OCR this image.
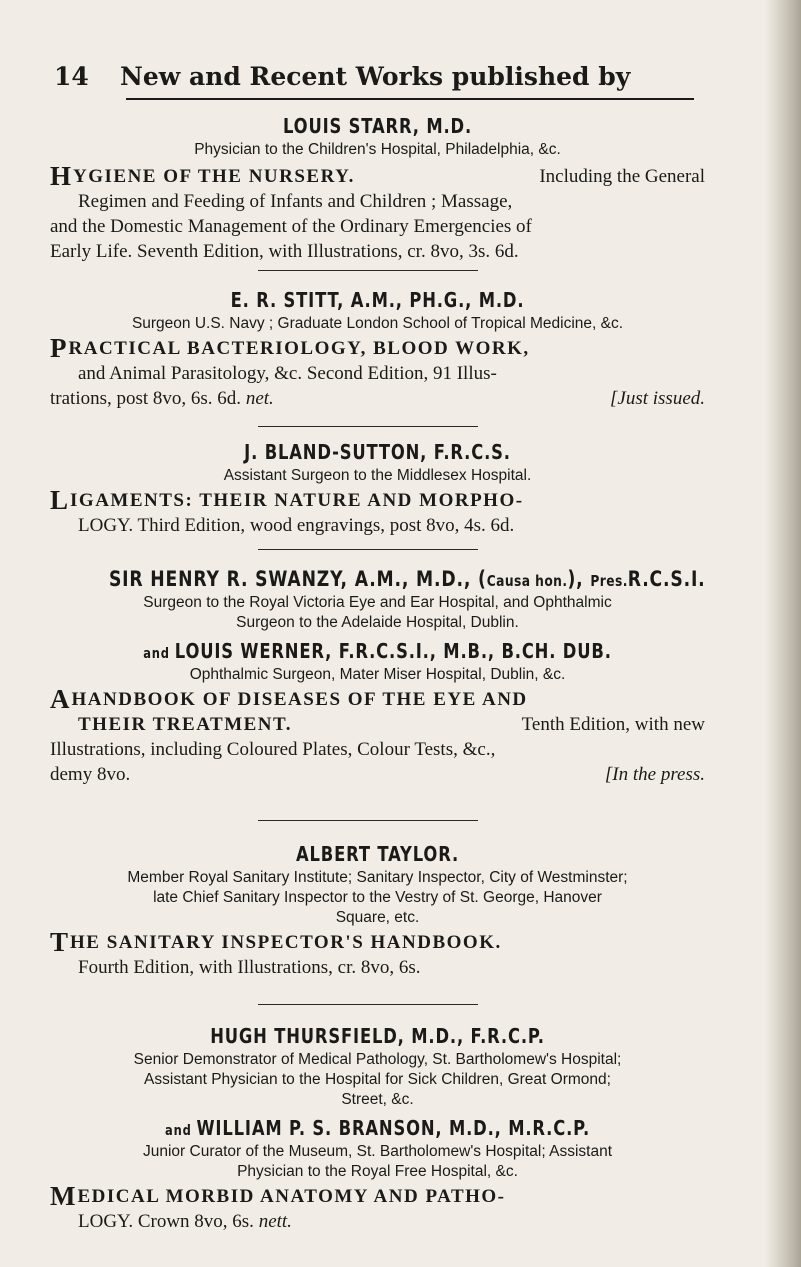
14 New and Recent Works published by
LOUIS STARR, M.D.
Physician to the Children's Hospital, Philadelphia, &c.
H YGIENE OF THE NURSERY.	Including the General
Regimen and Feeding of Infants and Children ; Massage,
and the Domestic Management of the Ordinary Emergencies of
Early Life. Seventh Edition, with Illustrations, cr. 8vo, 3s. 6d.
E. R. STITT, A.M., PH.G., M.D.
Surgeon U.S. Navy ; Graduate London School of Tropical Medicine, &c.
P RACTICAL BACTERIOLOGY, BLOOD WORK,
and Animal Parasitology, &c. Second Edition, 91 Illus-
trations, post 8vo, 6s. 6d. net.	[Just issued.
J. BLAND-SUTTON, F.R.C.S.
Assistant Surgeon to the Middlesex Hospital.
L IGAMENTS: THEIR NATURE AND MORPHO-
LOGY. Third Edition, wood engravings, post 8vo, 4s. 6d.
SIR HENRY R. SWANZY, A.M., M.D., (Causa hon.), Pres.R.C.S.I.
Surgeon to the Royal Victoria Eye and Ear Hospital, and Ophthalmic
Surgeon to the Adelaide Hospital, Dublin.
and LOUIS WERNER, F.R.C.S.I., M.B., B.CH. DUB.
Ophthalmic Surgeon, Mater Miser Hospital, Dublin, &c.
A HANDBOOK OF DISEASES OF THE EYE AND
THEIR TREATMENT.	Tenth Edition, with new
Illustrations, including Coloured Plates, Colour Tests, &c.,
demy 8vo.	[In the press.
ALBERT TAYLOR.
Member Royal Sanitary Institute; Sanitary Inspector, City of Westminster;
late Chief Sanitary Inspector to the Vestry of St. George, Hanover
Square, etc.
T HE SANITARY INSPECTOR'S HANDBOOK.
Fourth Edition, with Illustrations, cr. 8vo, 6s.
HUGH THURSFIELD, M.D., F.R.C.P.
Senior Demonstrator of Medical Pathology, St. Bartholomew's Hospital;
Assistant Physician to the Hospital for Sick Children, Great Ormond;
Street, &c.
and WILLIAM P. S. BRANSON, M.D., M.R.C.P.
Junior Curator of the Museum, St. Bartholomew's Hospital; Assistant
Physician to the Royal Free Hospital, &c.
M EDICAL MORBID ANATOMY AND PATHO-
LOGY. Crown 8vo, 6s. nett.
